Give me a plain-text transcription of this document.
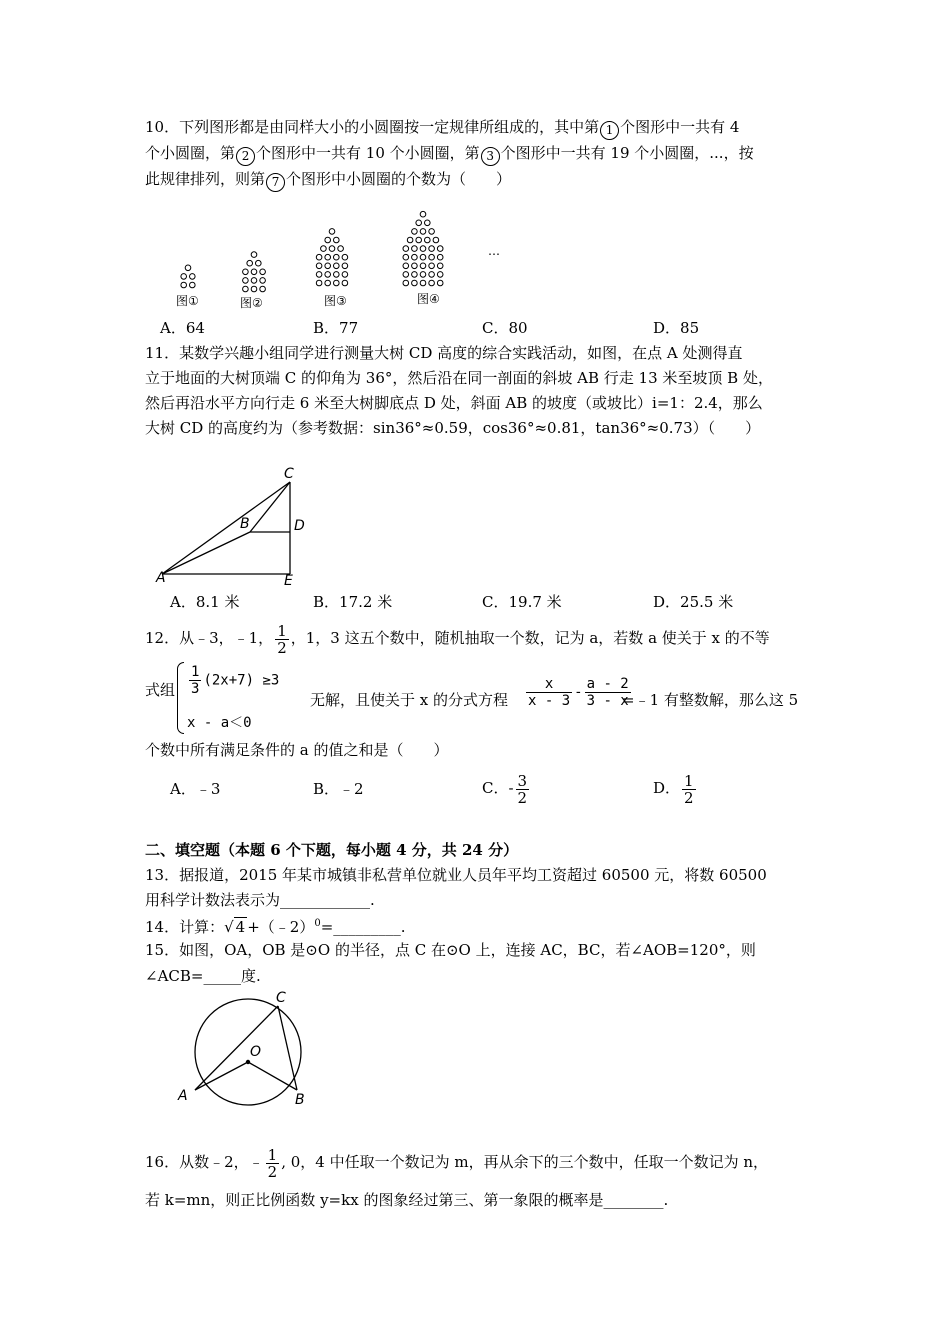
10．下列图形都是由同样大小的小圆圈按一定规律所组成的，其中第 1 个图形中一共有 4
个小圆圈，第 2 个图形中一共有 10 个小圆圈，第 3 个图形中一共有 19 个小圆圈，...，按
此规律排列，则第 7 个图形中小圆圈的个数为（　　）
图①	图②	图③	图④
…
A．64	B．77	C．80	D．85
11．某数学兴趣小组同学进行测量大树 CD 高度的综合实践活动，如图，在点 A 处测得直
立于地面的大树顶端 C 的仰角为 36°，然后沿在同一剖面的斜坡 AB 行走 13 米至坡顶 B 处，
然后再沿水平方向行走 6 米至大树脚底点 D 处，斜面 AB 的坡度（或坡比）i=1：2.4，那么
大树 CD 的高度约为（参考数据：sin36°≈0.59，cos36°≈0.81，tan36°≈0.73）（　　）
C
B	D
A	E
A．8.1 米	B．17.2 米	C．19.7 米	D．25.5 米
12．从﹣3，﹣1， $\frac{1}{2}$ ，1，3 这五个数中，随机抽取一个数，记为 a，若数 a 使关于 x 的不等
式组 $\frac{1}{3} (2x+7) \ge 3$
x - a＜0
无解，且使关于 x 的分式方程 $\frac{x}{x - 3} - \frac{a - 2}{3 - x}$
=﹣1 有整数解，那么这 5
个数中所有满足条件的 a 的值之和是（　　）
A．﹣3	B．﹣2	C．- $\frac{3}{2}$	D． $\frac{1}{2}$
二、填空题（本题 6 个下题，每小题 4 分，共 24 分）
13．据报道，2015 年某市城镇非私营单位就业人员年平均工资超过 60500 元，将数 60500
用科学计数法表示为____________.
14．计算：√ 4 +（﹣2）$^0$=_________.
15．如图，OA，OB 是⊙O 的半径，点 C 在⊙O 上，连接 AC，BC，若∠AOB=120°，则
∠ACB=_____度.
C
O
A	B
16．从数﹣2，﹣ $\frac{1}{2}$ , 0，4 中任取一个数记为 m，再从余下的三个数中，任取一个数记为 n，
若 k=mn，则正比例函数 y=kx 的图象经过第三、第一象限的概率是________.
